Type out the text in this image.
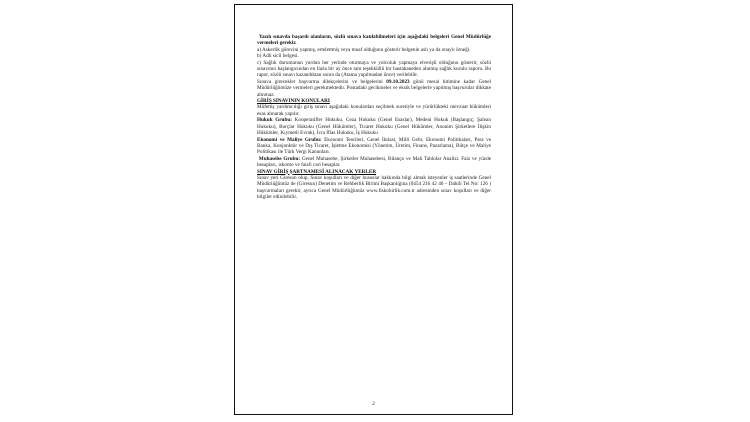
Yazılı sınavda başarılı olanların, sözlü sınava katılabilmeleri için aşağıdaki belgeleri Genel Müdürlüğe vermeleri gerekir.

a) Askerlik görevini yapmış, ertelettmiş veya muaf olduğunu gösterir belgenin aslı ya da onaylı örneği.

b) Adli sicil belgesi.

c) Sağlık durumunun yurdun her yerinde oturmaya ve yolculuk yapmaya elverişli olduğunu gösterir, sözlü sınavının başlangıcından en fazla bir ay önce tam teşekküllü bir hastahaneden alınmış sağlık kurulu raporu. Bu rapor, sözlü sınavı kazandıktan sonra da (Atama yapılmadan önce) verilebilir.

Sınava girecekler başvurma dilekçelerini ve belgelerini 09.10.2023 günü mesai bitimine kadar Genel Müdürlüğümüze vermeleri gerekmektedir. Postadaki gecikmeler ve eksik belgelerle yapılmış başvurular dikkate alınmaz.

GİRİŞ SINAVININ KONULARI

Müfettiş yardımcılığı giriş sınavı aşağıdaki konulardan seçilmek suretiyle ve yürürlükteki mevzuat hükümleri esas alınarak yapılır.

Hukuk Grubu: Kooperatifler Hukuku, Ceza Hukuku (Genel Esaslar), Medeni Hukuk (Başlangıç; Şahsın Hukuku), Borçlar Hukuku (Genel Hükümler), Ticaret Hukuku (Genel Hükümler, Anonim Şirketlere İlişkin Hükümler, Kıymetli Evrak), İcra İflas Hukuku, İş Hukuku

Ekonomi ve Maliye Grubu: Ekonomi Teorileri, Genel İktisat, Milli Gelir, Ekonomi Politikaları, Para ve Banka, Konjonktür ve Dış Ticaret, İşletme Ekonomisi (Yönetim, Üretim, Finans, Pazarlama), Bütçe ve Maliye Politikası ile Türk Vergi Kanunları.

Muhasebe Grubu: Genel Muhasebe, Şirketler Muhasebesi, Bilanço ve Mali Tablolar Analizi. Faiz ve yüzde hesapları, iskonto ve faizli cari hesaplar.

SINAV GİRİŞ ŞARTNAMESİ ALINACAK YERLER

Sınav yeri Giresun olup, Sınav koşulları ve diğer hususlar hakkında bilgi almak isteyenler iş saatlerinde Genel Müdürlüğümüz de (Giresun) Denetim ve Rehberlik Birimi Başkanlığına (0454 216 42 40 – Dahili Tel No: 126 ) başvurmaları gerekir, ayrıca Genel Müdürlüğümüz www.fiskobirlik.com.tr adresinden sınav koşulları ve diğer bilgiler edinilebilir.

2
